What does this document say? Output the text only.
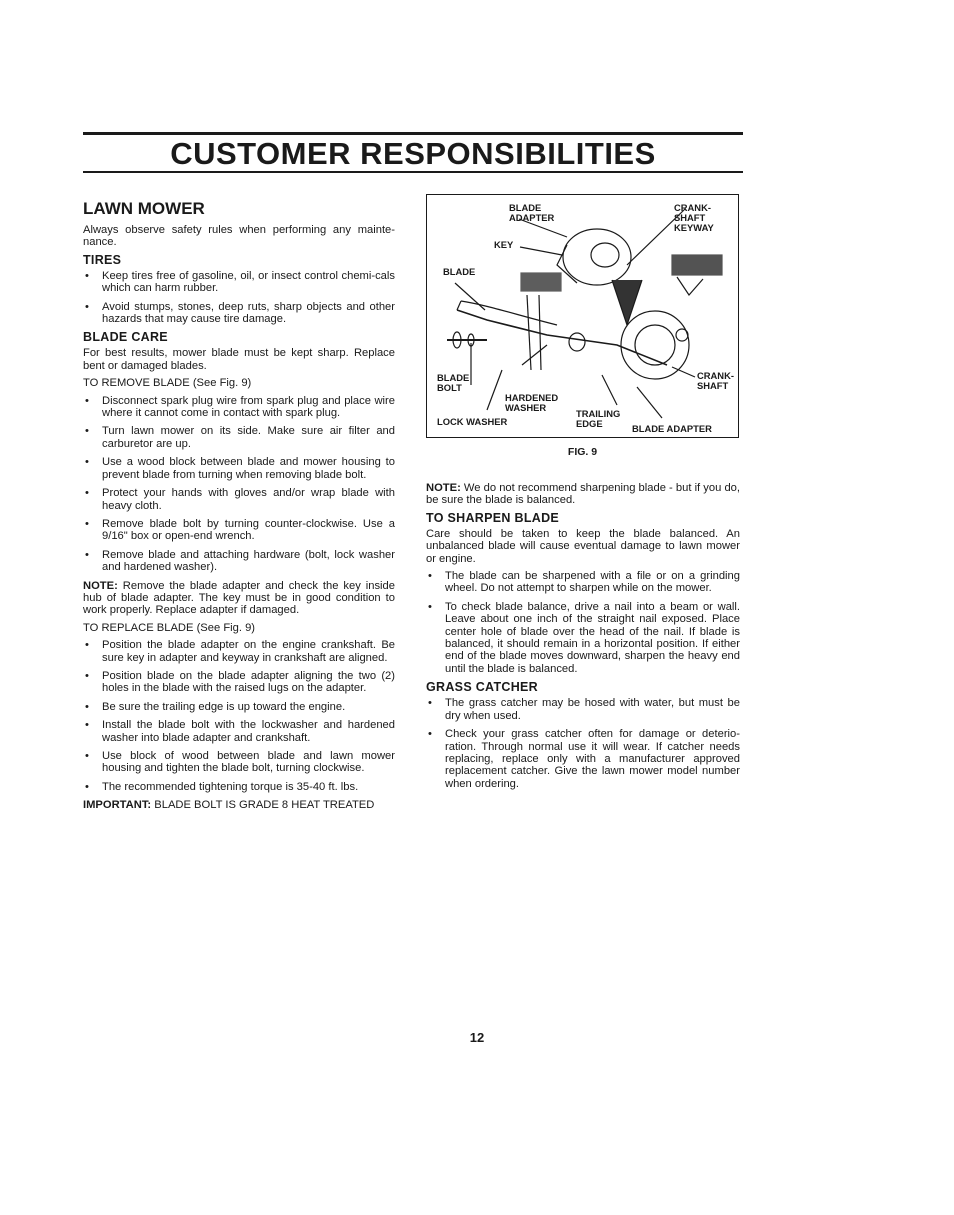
CUSTOMER RESPONSIBILITIES
LAWN MOWER

Always observe safety rules when performing any mainte-nance.

TIRES
• Keep tires free of gasoline, oil, or insect control chemi-cals which can harm rubber.
• Avoid stumps, stones, deep ruts, sharp objects and other hazards that may cause tire damage.
BLADE CARE

For best results, mower blade must be kept sharp. Replace bent or damaged blades.

TO REMOVE BLADE (See Fig. 9)

• Disconnect spark plug wire from spark plug and place wire where it cannot come in contact with spark plug.
• Turn lawn mower on its side. Make sure air filter and carburetor are up.
• Use a wood block between blade and mower housing to prevent blade from turning when removing blade bolt.
• Protect your hands with gloves and/or wrap blade with heavy cloth.
• Remove blade bolt by turning counter-clockwise. Use a 9/16" box or open-end wrench.
• Remove blade and attaching hardware (bolt, lock washer and hardened washer).

NOTE: Remove the blade adapter and check the key inside hub of blade adapter. The key must be in good condition to work properly. Replace adapter if damaged.

TO REPLACE BLADE (See Fig. 9)

• Position the blade adapter on the engine crankshaft. Be sure key in adapter and keyway in crankshaft are aligned.
• Position blade on the blade adapter aligning the two (2) holes in the blade with the raised lugs on the adapter.
• Be sure the trailing edge is up toward the engine.
• Install the blade bolt with the lockwasher and hardened washer into blade adapter and crankshaft.
• Use block of wood between blade and lawn mower housing and tighten the blade bolt, turning clockwise.
• The recommended tightening torque is 35-40 ft. lbs.

IMPORTANT: BLADE BOLT IS GRADE 8 HEAT TREATED

BLADE
ADAPTER
CRANK-
SHAFT
KEYWAY
KEY
BLADE
BLADE
BOLT
HARDENED
WASHER
LOCK WASHER
TRAILING
EDGE	BLADE ADAPTER
CRANK-
SHAFT
FIG. 9

NOTE: We do not recommend sharpening blade - but if you do, be sure the blade is balanced.

TO SHARPEN BLADE

Care should be taken to keep the blade balanced. An unbalanced blade will cause eventual damage to lawn mower or engine.

• The blade can be sharpened with a file or on a grinding wheel. Do not attempt to sharpen while on the mower.
• To check blade balance, drive a nail into a beam or wall. Leave about one inch of the straight nail exposed. Place center hole of blade over the head of the nail. If blade is balanced, it should remain in a horizontal position. If either end of the blade moves downward, sharpen the heavy end until the blade is balanced.
GRASS CATCHER
• The grass catcher may be hosed with water, but must be dry when used.
• Check your grass catcher often for damage or deterio-ration. Through normal use it will wear. If catcher needs replacing, replace only with a manufacturer approved replacement catcher. Give the lawn mower model number when ordering.
12
